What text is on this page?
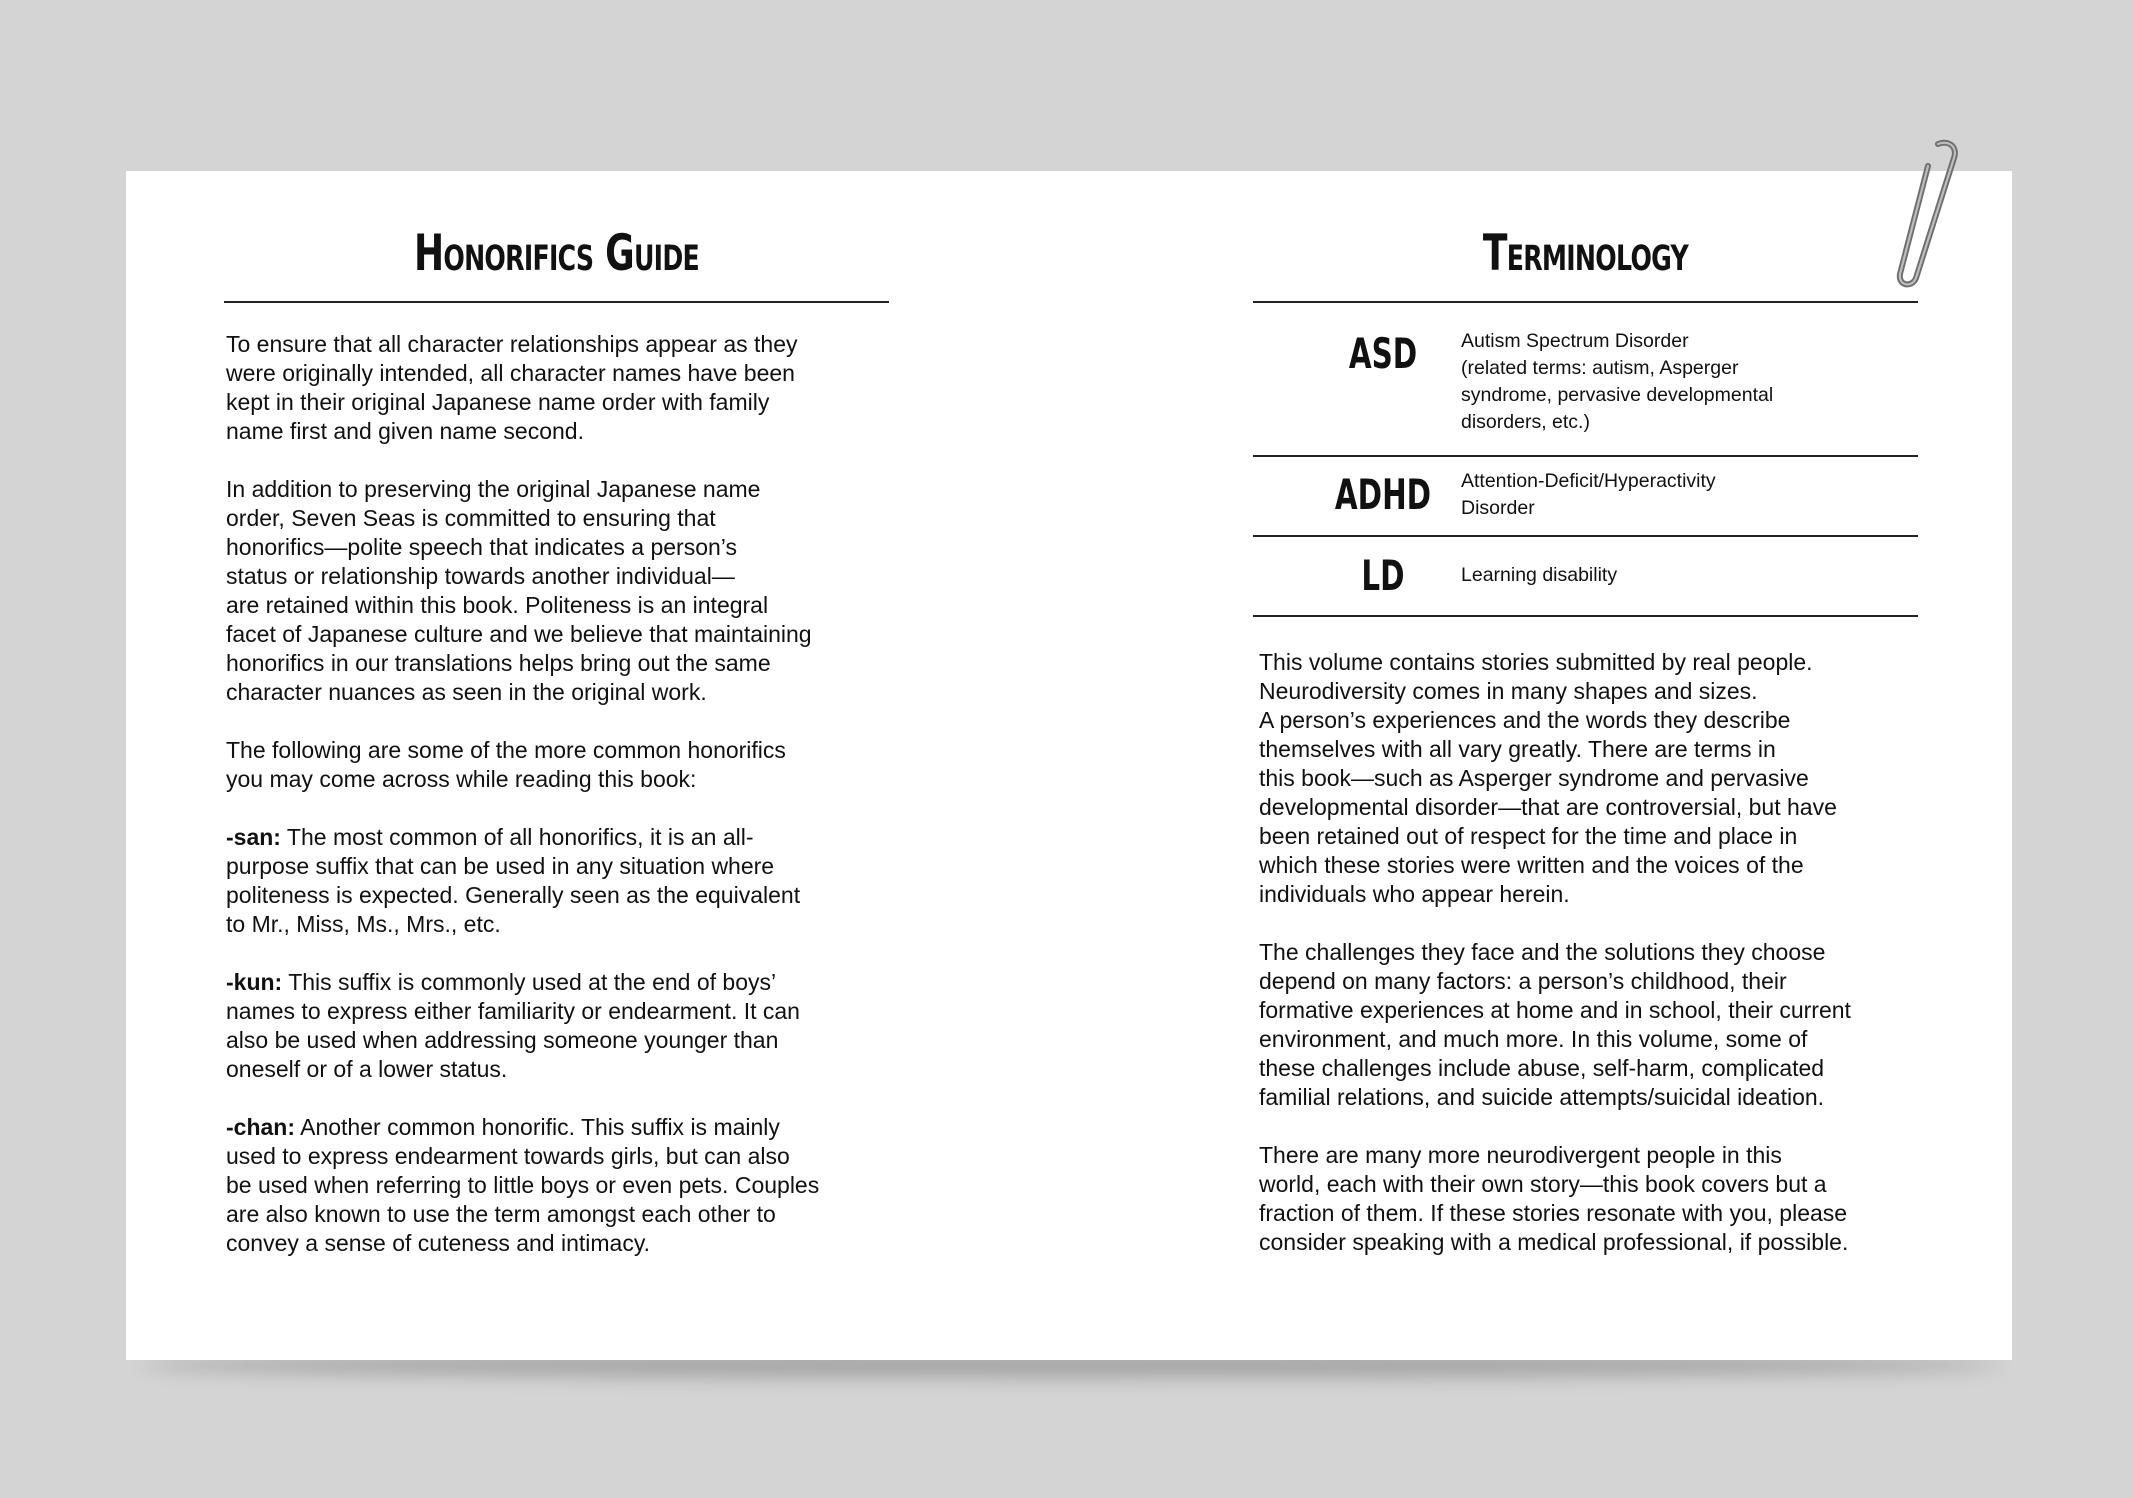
Honorifics Guide

To ensure that all character relationships appear as they
were originally intended, all character names have been
kept in their original Japanese name order with family
name first and given name second.

In addition to preserving the original Japanese name
order, Seven Seas is committed to ensuring that
honorifics—polite speech that indicates a person’s
status or relationship towards another individual—
are retained within this book. Politeness is an integral
facet of Japanese culture and we believe that maintaining
honorifics in our translations helps bring out the same
character nuances as seen in the original work.

The following are some of the more common honorifics
you may come across while reading this book:

-san: The most common of all honorifics, it is an all-
purpose suffix that can be used in any situation where
politeness is expected. Generally seen as the equivalent
to Mr., Miss, Ms., Mrs., etc.

-kun: This suffix is commonly used at the end of boys’
names to express either familiarity or endearment. It can
also be used when addressing someone younger than
oneself or of a lower status.

-chan: Another common honorific. This suffix is mainly
used to express endearment towards girls, but can also
be used when referring to little boys or even pets. Couples
are also known to use the term amongst each other to
convey a sense of cuteness and intimacy.

Terminology
ASD	Autism Spectrum Disorder
(related terms: autism, Asperger
syndrome, pervasive developmental
disorders, etc.)
ADHD	Attention-Deficit/Hyperactivity
Disorder
LD	Learning disability

This volume contains stories submitted by real people.
Neurodiversity comes in many shapes and sizes.
A person’s experiences and the words they describe
themselves with all vary greatly. There are terms in
this book—such as Asperger syndrome and pervasive
developmental disorder—that are controversial, but have
been retained out of respect for the time and place in
which these stories were written and the voices of the
individuals who appear herein.

The challenges they face and the solutions they choose
depend on many factors: a person’s childhood, their
formative experiences at home and in school, their current
environment, and much more. In this volume, some of
these challenges include abuse, self-harm, complicated
familial relations, and suicide attempts/suicidal ideation.

There are many more neurodivergent people in this
world, each with their own story—this book covers but a
fraction of them. If these stories resonate with you, please
consider speaking with a medical professional, if possible.
